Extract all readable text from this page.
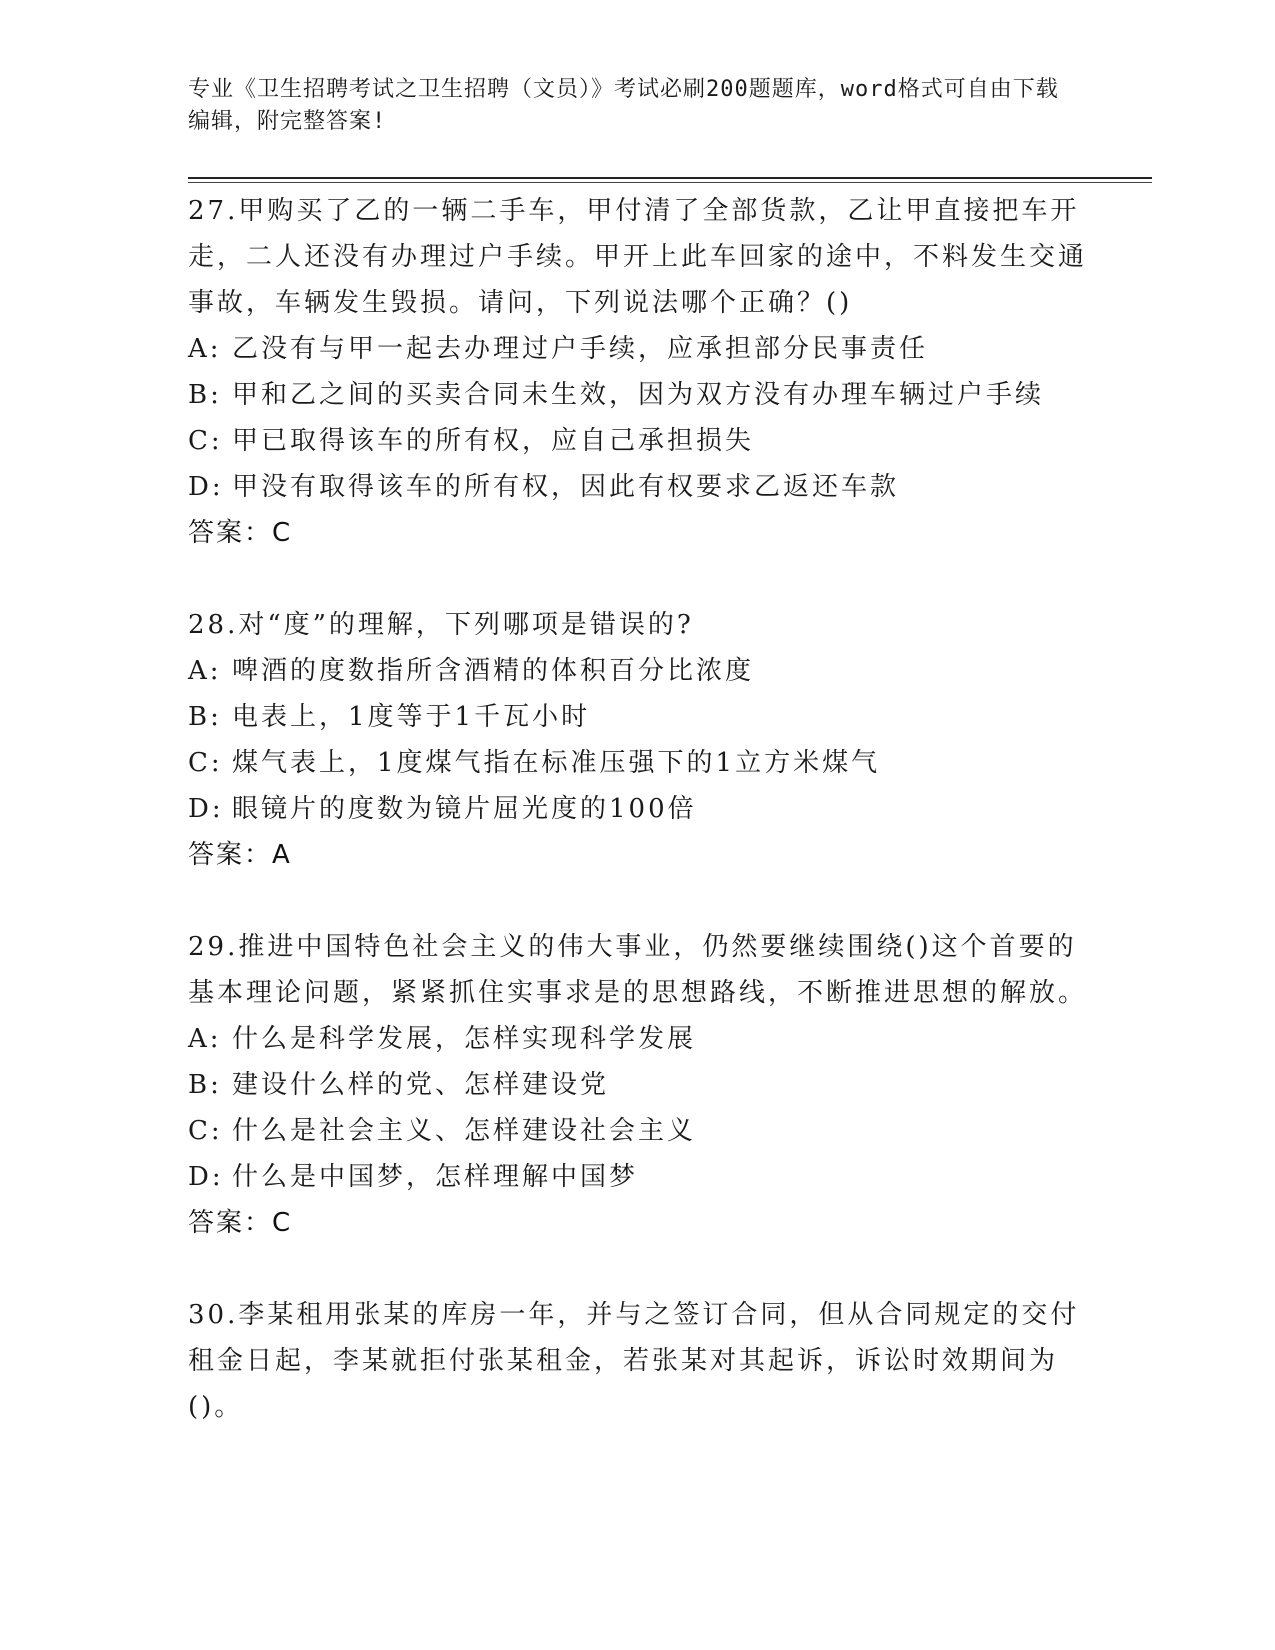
专业《卫生招聘考试之卫生招聘（文员）》考试必刷200题题库，word格式可自由下载编辑，附完整答案!

27.甲购买了乙的一辆二手车，甲付清了全部货款，乙让甲直接把车开走，二人还没有办理过户手续。甲开上此车回家的途中，不料发生交通事故，车辆发生毁损。请问，下列说法哪个正确？()

A: 乙没有与甲一起去办理过户手续，应承担部分民事责任

B: 甲和乙之间的买卖合同未生效，因为双方没有办理车辆过户手续

C: 甲已取得该车的所有权，应自己承担损失

D: 甲没有取得该车的所有权，因此有权要求乙返还车款

答案：C

28.对“度”的理解，下列哪项是错误的?

A: 啤酒的度数指所含酒精的体积百分比浓度

B: 电表上，1度等于1千瓦小时

C: 煤气表上，1度煤气指在标准压强下的1立方米煤气

D: 眼镜片的度数为镜片屈光度的100倍

答案：A

29.推进中国特色社会主义的伟大事业，仍然要继续围绕()这个首要的基本理论问题，紧紧抓住实事求是的思想路线，不断推进思想的解放。

A: 什么是科学发展，怎样实现科学发展

B: 建设什么样的党、怎样建设党

C: 什么是社会主义、怎样建设社会主义

D: 什么是中国梦，怎样理解中国梦

答案：C

30.李某租用张某的库房一年，并与之签订合同，但从合同规定的交付租金日起，李某就拒付张某租金，若张某对其起诉，诉讼时效期间为()。
